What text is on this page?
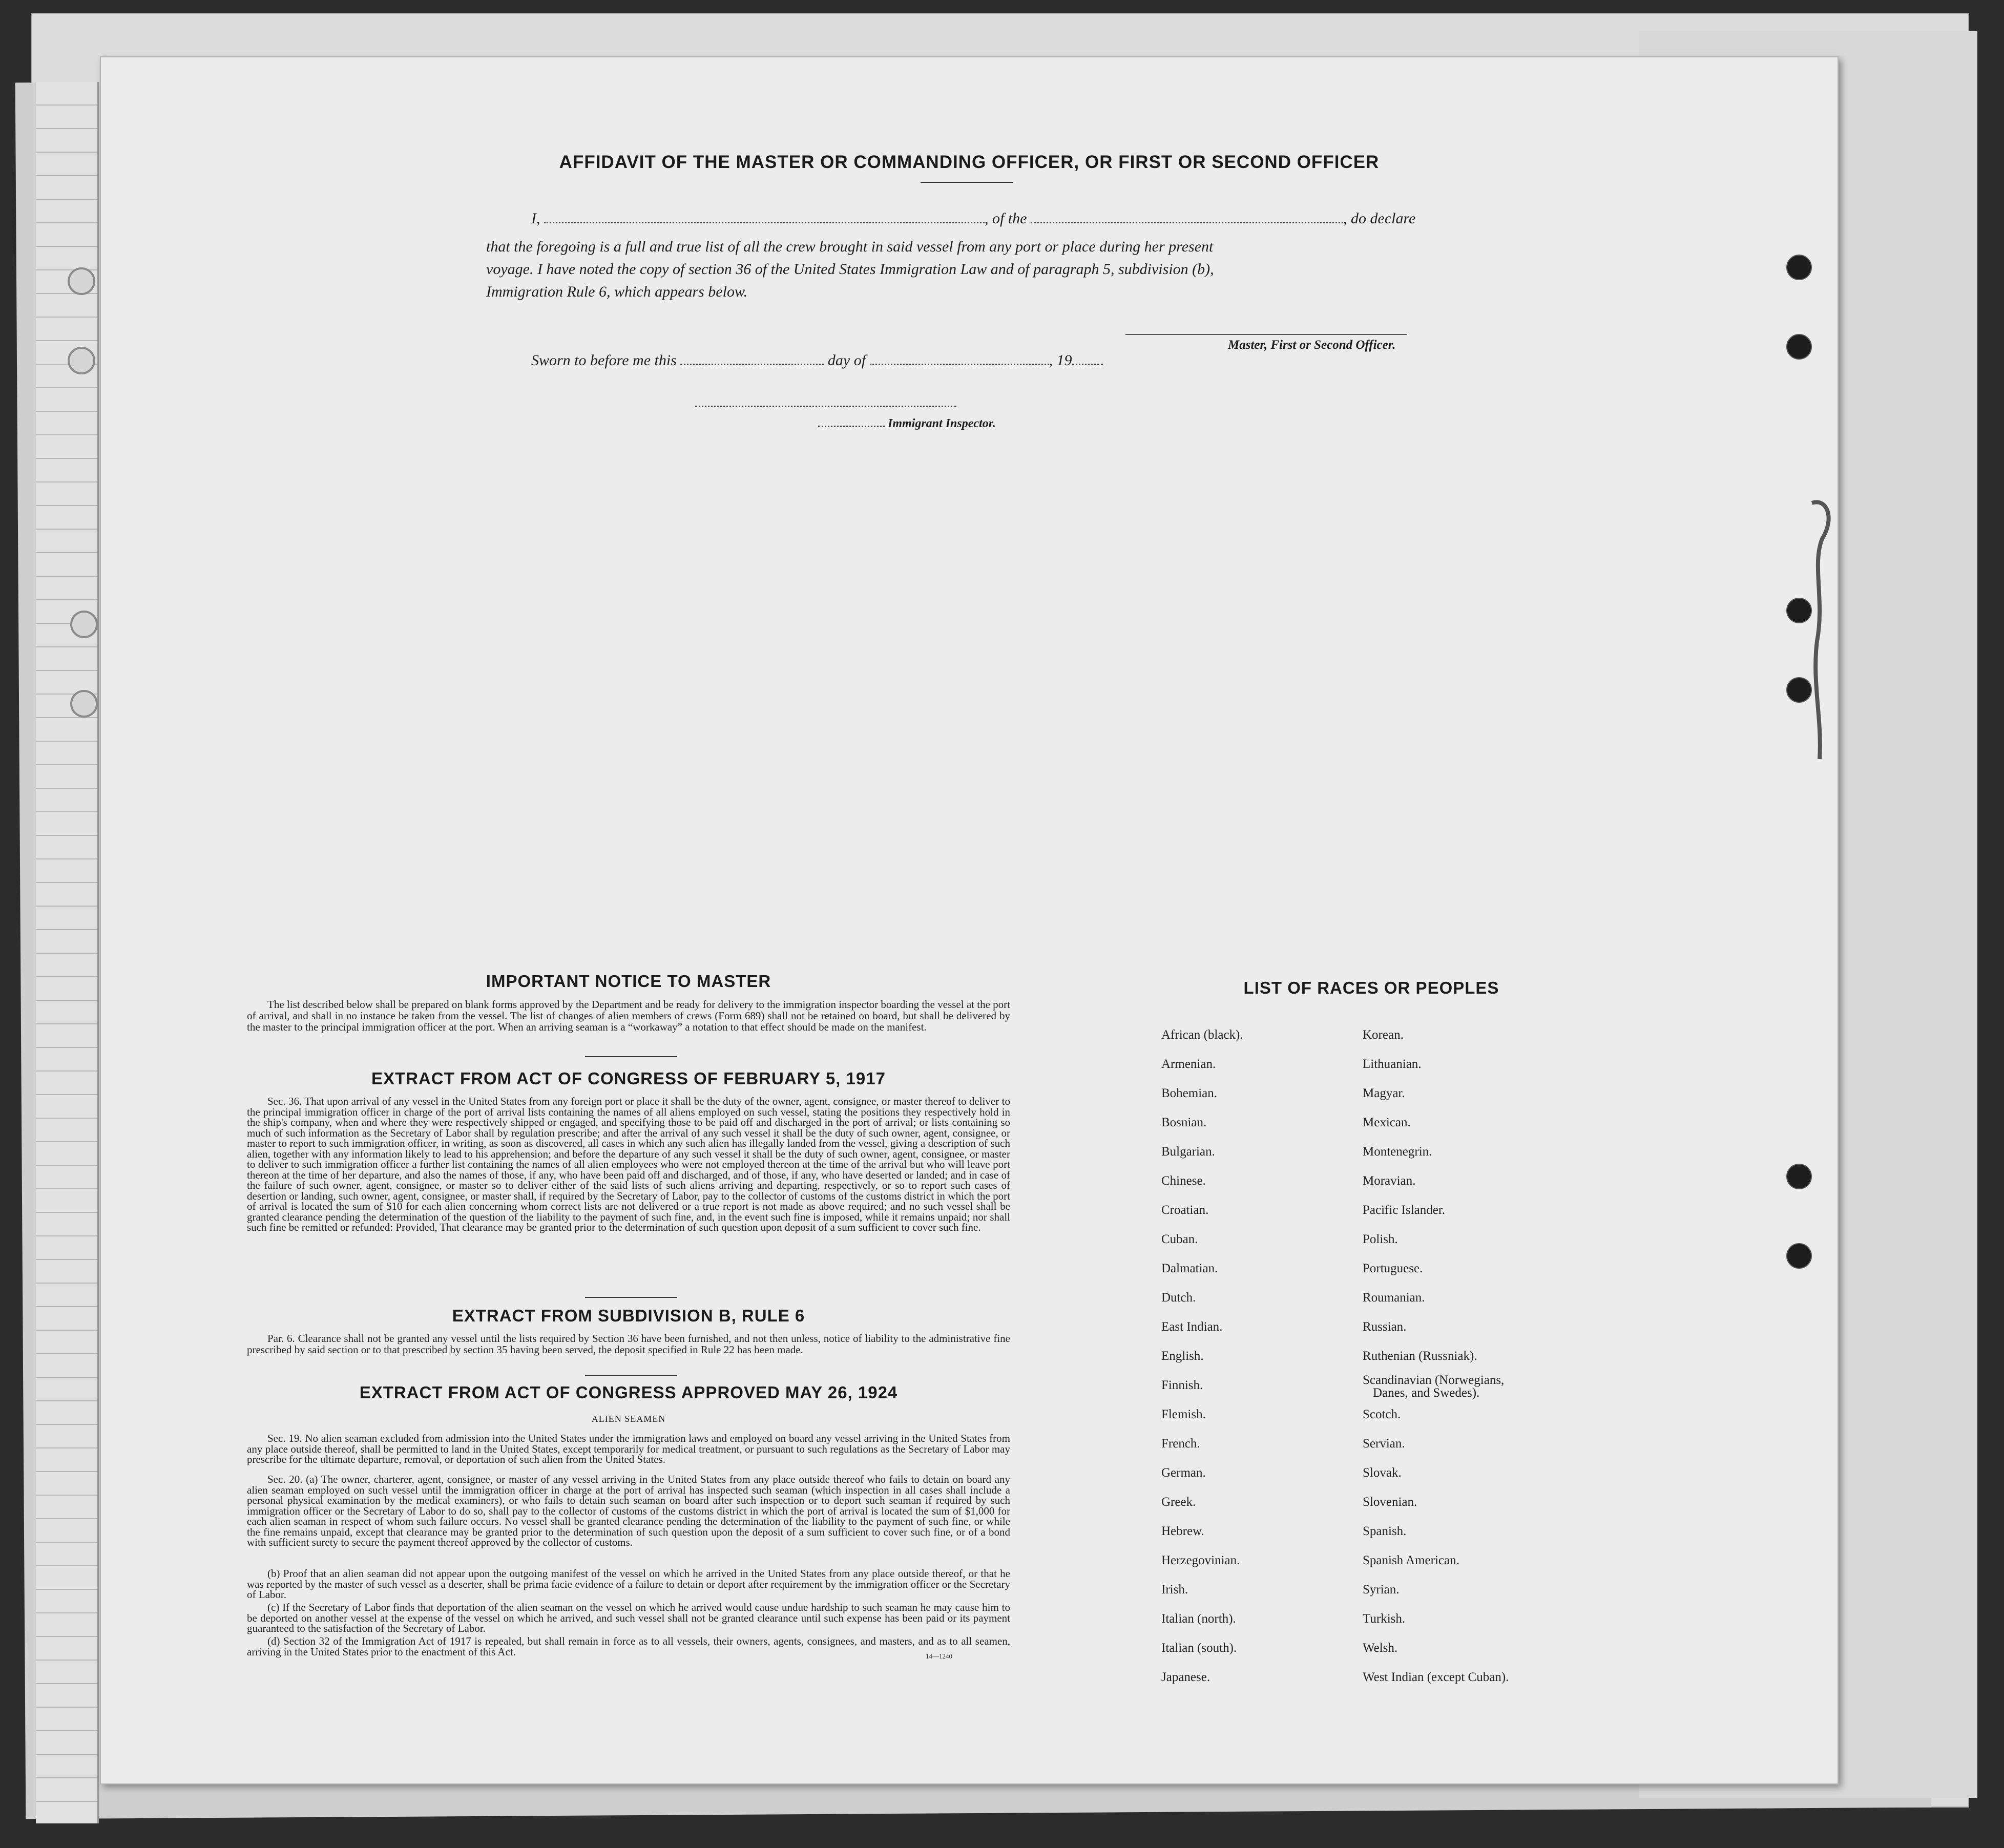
AFFIDAVIT OF THE MASTER OR COMMANDING OFFICER, OR FIRST OR SECOND OFFICER
I,	, of the	, do declare
that the foregoing is a full and true list of all the crew brought in said vessel from any port or place during her present
voyage. I have noted the copy of section 36 of the United States Immigration Law and of paragraph 5, subdivision (b),
Immigration Rule 6, which appears below.
Master, First or Second Officer.
Sworn to before me this	day of	, 19
Immigrant Inspector.
IMPORTANT NOTICE TO MASTER

The list described below shall be prepared on blank forms approved by the Department and be ready for delivery to the immigration inspector boarding the vessel at the port of arrival, and shall in no instance be taken from the vessel. The list of changes of alien members of crews (Form 689) shall not be retained on board, but shall be delivered by the master to the principal immigration officer at the port. When an arriving seaman is a “workaway” a notation to that effect should be made on the manifest.

EXTRACT FROM ACT OF CONGRESS OF FEBRUARY 5, 1917

Sec. 36. That upon arrival of any vessel in the United States from any foreign port or place it shall be the duty of the owner, agent, consignee, or master thereof to deliver to the principal immigration officer in charge of the port of arrival lists containing the names of all aliens employed on such vessel, stating the positions they respectively hold in the ship's company, when and where they were respectively shipped or engaged, and specifying those to be paid off and discharged in the port of arrival; or lists containing so much of such information as the Secretary of Labor shall by regulation prescribe; and after the arrival of any such vessel it shall be the duty of such owner, agent, consignee, or master to report to such immigration officer, in writing, as soon as discovered, all cases in which any such alien has illegally landed from the vessel, giving a description of such alien, together with any information likely to lead to his apprehension; and before the departure of any such vessel it shall be the duty of such owner, agent, consignee, or master to deliver to such immigration officer a further list containing the names of all alien employees who were not employed thereon at the time of the arrival but who will leave port thereon at the time of her departure, and also the names of those, if any, who have been paid off and discharged, and of those, if any, who have deserted or landed; and in case of the failure of such owner, agent, consignee, or master so to deliver either of the said lists of such aliens arriving and departing, respectively, or so to report such cases of desertion or landing, such owner, agent, consignee, or master shall, if required by the Secretary of Labor, pay to the collector of customs of the customs district in which the port of arrival is located the sum of $10 for each alien concerning whom correct lists are not delivered or a true report is not made as above required; and no such vessel shall be granted clearance pending the determination of the question of the liability to the payment of such fine, and, in the event such fine is imposed, while it remains unpaid; nor shall such fine be remitted or refunded: Provided, That clearance may be granted prior to the determination of such question upon deposit of a sum sufficient to cover such fine.

EXTRACT FROM SUBDIVISION B, RULE 6

Par. 6. Clearance shall not be granted any vessel until the lists required by Section 36 have been furnished, and not then unless, notice of liability to the administrative fine prescribed by said section or to that prescribed by section 35 having been served, the deposit specified in Rule 22 has been made.

EXTRACT FROM ACT OF CONGRESS APPROVED MAY 26, 1924
ALIEN SEAMEN

Sec. 19. No alien seaman excluded from admission into the United States under the immigration laws and employed on board any vessel arriving in the United States from any place outside thereof, shall be permitted to land in the United States, except temporarily for medical treatment, or pursuant to such regulations as the Secretary of Labor may prescribe for the ultimate departure, removal, or deportation of such alien from the United States.

Sec. 20. (a) The owner, charterer, agent, consignee, or master of any vessel arriving in the United States from any place outside thereof who fails to detain on board any alien seaman employed on such vessel until the immigration officer in charge at the port of arrival has inspected such seaman (which inspection in all cases shall include a personal physical examination by the medical examiners), or who fails to detain such seaman on board after such inspection or to deport such seaman if required by such immigration officer or the Secretary of Labor to do so, shall pay to the collector of customs of the customs district in which the port of arrival is located the sum of $1,000 for each alien seaman in respect of whom such failure occurs. No vessel shall be granted clearance pending the determination of the liability to the payment of such fine, or while the fine remains unpaid, except that clearance may be granted prior to the determination of such question upon the deposit of a sum sufficient to cover such fine, or of a bond with sufficient surety to secure the payment thereof approved by the collector of customs.

(b) Proof that an alien seaman did not appear upon the outgoing manifest of the vessel on which he arrived in the United States from any place outside thereof, or that he was reported by the master of such vessel as a deserter, shall be prima facie evidence of a failure to detain or deport after requirement by the immigration officer or the Secretary of Labor.

(c) If the Secretary of Labor finds that deportation of the alien seaman on the vessel on which he arrived would cause undue hardship to such seaman he may cause him to be deported on another vessel at the expense of the vessel on which he arrived, and such vessel shall not be granted clearance until such expense has been paid or its payment guaranteed to the satisfaction of the Secretary of Labor.

(d) Section 32 of the Immigration Act of 1917 is repealed, but shall remain in force as to all vessels, their owners, agents, consignees, and masters, and as to all seamen, arriving in the United States prior to the enactment of this Act.	14—1240
LIST OF RACES OR PEOPLES
African (black).
Armenian.
Bohemian.
Bosnian.
Bulgarian.
Chinese.
Croatian.
Cuban.
Dalmatian.
Dutch.
East Indian.
English.
Finnish.
Flemish.
French.
German.
Greek.
Hebrew.
Herzegovinian.
Irish.
Italian (north).
Italian (south).
Japanese.
Korean.
Lithuanian.
Magyar.
Mexican.
Montenegrin.
Moravian.
Pacific Islander.
Polish.
Portuguese.
Roumanian.
Russian.
Ruthenian (Russniak).
Scandinavian (Norwegians,
Danes, and Swedes).
Scotch.
Servian.
Slovak.
Slovenian.
Spanish.
Spanish American.
Syrian.
Turkish.
Welsh.
West Indian (except Cuban).
